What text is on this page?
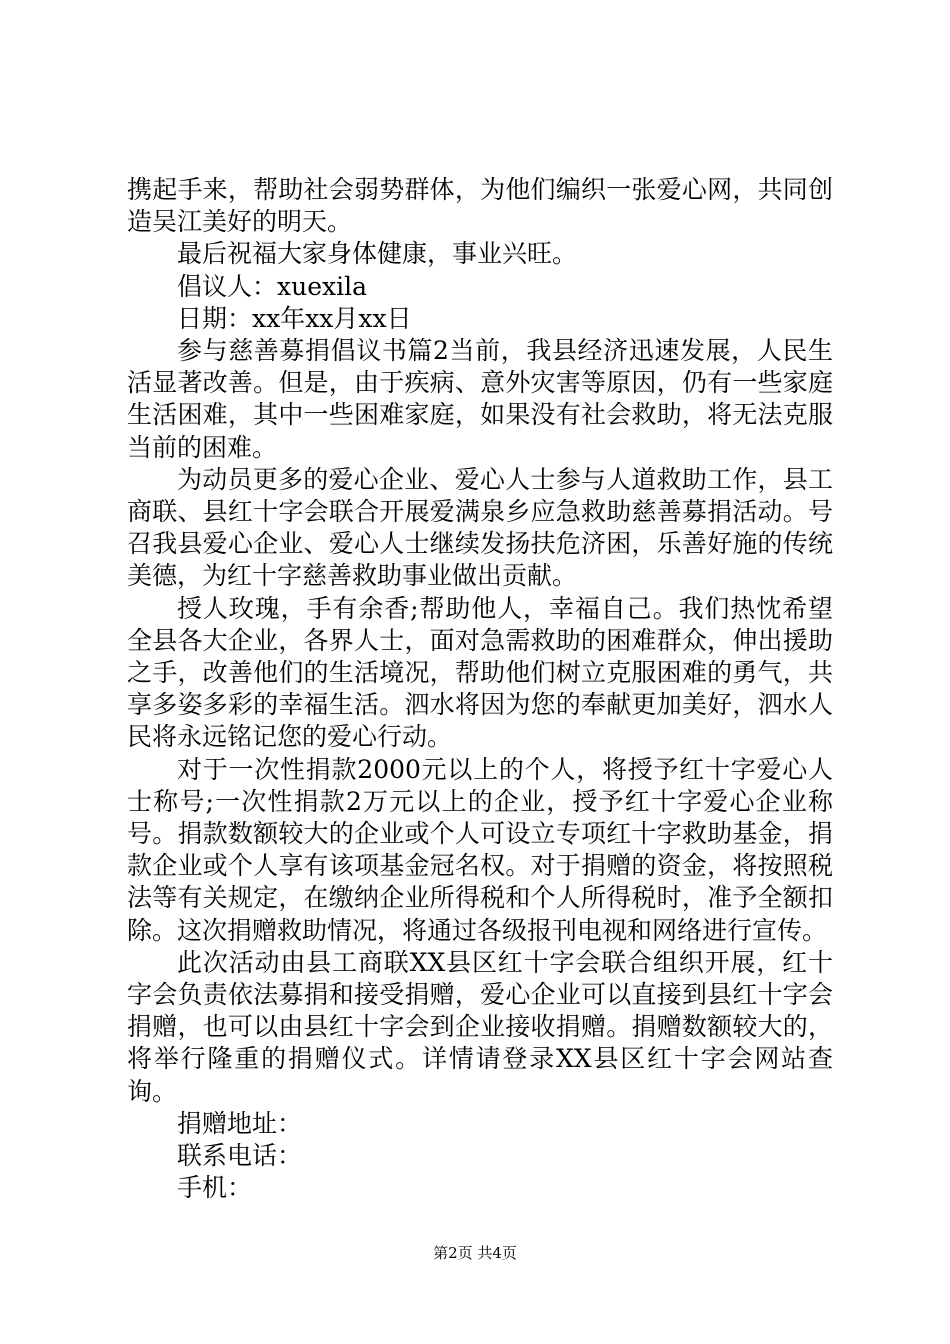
携起手来，帮助社会弱势群体，为他们编织一张爱心网，共同创造吴江美好的明天。

最后祝福大家身体健康，事业兴旺。

倡议人：xuexila

日期：xx年xx月xx日

参与慈善募捐倡议书篇2当前，我县经济迅速发展，人民生活显著改善。但是，由于疾病、意外灾害等原因，仍有一些家庭生活困难，其中一些困难家庭，如果没有社会救助，将无法克服当前的困难。

为动员更多的爱心企业、爱心人士参与人道救助工作，县工商联、县红十字会联合开展爱满泉乡应急救助慈善募捐活动。号召我县爱心企业、爱心人士继续发扬扶危济困，乐善好施的传统美德，为红十字慈善救助事业做出贡献。

授人玫瑰，手有余香;帮助他人，幸福自己。我们热忱希望全县各大企业，各界人士，面对急需救助的困难群众，伸出援助之手，改善他们的生活境况，帮助他们树立克服困难的勇气，共享多姿多彩的幸福生活。泗水将因为您的奉献更加美好，泗水人民将永远铭记您的爱心行动。

对于一次性捐款2000元以上的个人，将授予红十字爱心人士称号;一次性捐款2万元以上的企业，授予红十字爱心企业称号。捐款数额较大的企业或个人可设立专项红十字救助基金，捐款企业或个人享有该项基金冠名权。对于捐赠的资金，将按照税法等有关规定，在缴纳企业所得税和个人所得税时，准予全额扣除。这次捐赠救助情况，将通过各级报刊电视和网络进行宣传。

此次活动由县工商联XX县区红十字会联合组织开展，红十字会负责依法募捐和接受捐赠，爱心企业可以直接到县红十字会捐赠，也可以由县红十字会到企业接收捐赠。捐赠数额较大的，将举行隆重的捐赠仪式。详情请登录XX县区红十字会网站查询。

捐赠地址：

联系电话：

手机：

第2页 共4页
